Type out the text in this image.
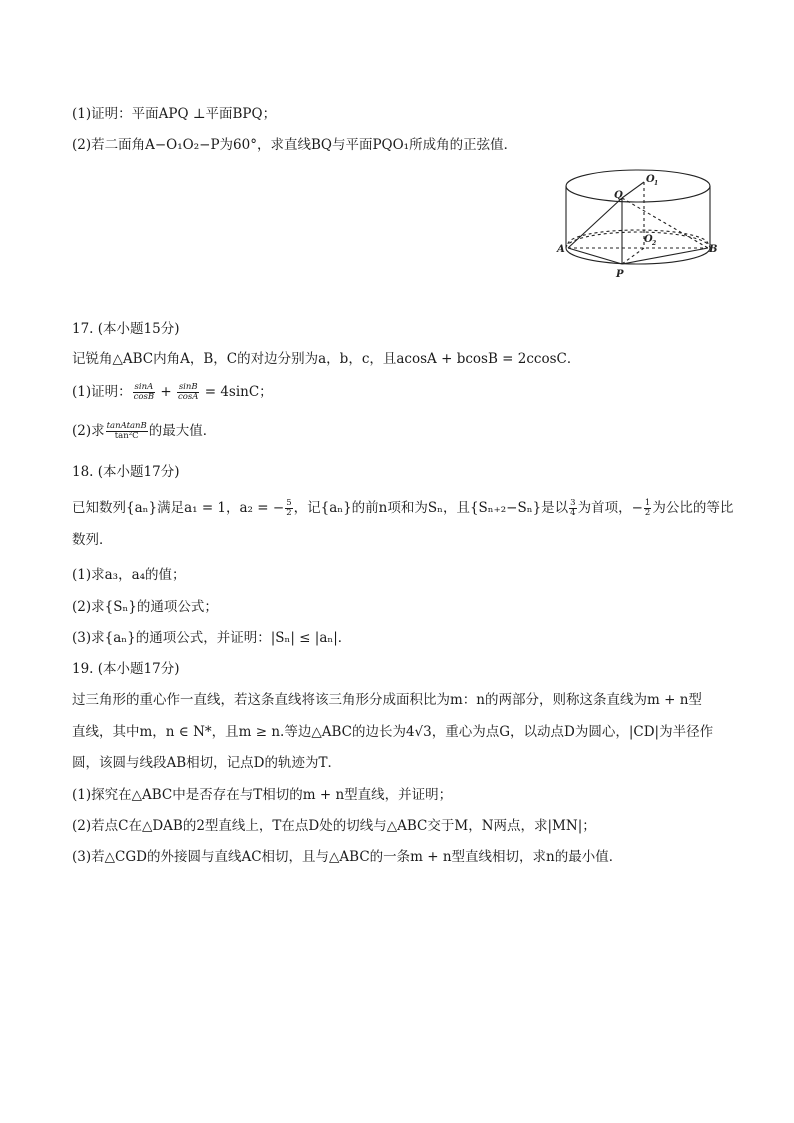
(1)证明：平面APQ ⊥平面BPQ；
(2)若二面角A−O₁O₂−P为60°，求直线BQ与平面PQO₁所成角的正弦值．
Q
O 1
O 2
A	B
P
17. (本小题15分)
记锐角△ABC内角A，B，C的对边分别为a，b，c，且acosA + bcosB = 2ccosC．
(1)证明： $\frac{\sin A}{\cos B} + \frac{\sin B}{\cos A} = 4\sin C$；
(2)求 $\frac{\text{tanAtanB}}{\text{tan²C}}$ 的最大值．
18. (本小题17分)
已知数列{aₙ}满足a₁ = 1，a₂ = − $\frac{5}{2}$ ，记{aₙ}的前n项和为Sₙ，且{Sₙ₊₂−Sₙ}是以 $\frac{3}{4}$ 为首项，− $\frac{1}{2}$ 为公比的等比
数列．
(1)求a₃，a₄的值；
(2)求{Sₙ}的通项公式；
(3)求{aₙ}的通项公式，并证明：|Sₙ| ≤ |aₙ|．
19. (本小题17分)
过三角形的重心作一直线，若这条直线将该三角形分成面积比为m：n的两部分，则称这条直线为m + n型
直线，其中m，n ∈ N*，且m ≥ n.等边△ABC的边长为4√3，重心为点G，以动点D为圆心，|CD|为半径作
圆，该圆与线段AB相切，记点D的轨迹为T．
(1)探究在△ABC中是否存在与T相切的m + n型直线，并证明；
(2)若点C在△DAB的2型直线上，T在点D处的切线与△ABC交于M，N两点，求|MN|；
(3)若△CGD的外接圆与直线AC相切，且与△ABC的一条m + n型直线相切，求n的最小值．
